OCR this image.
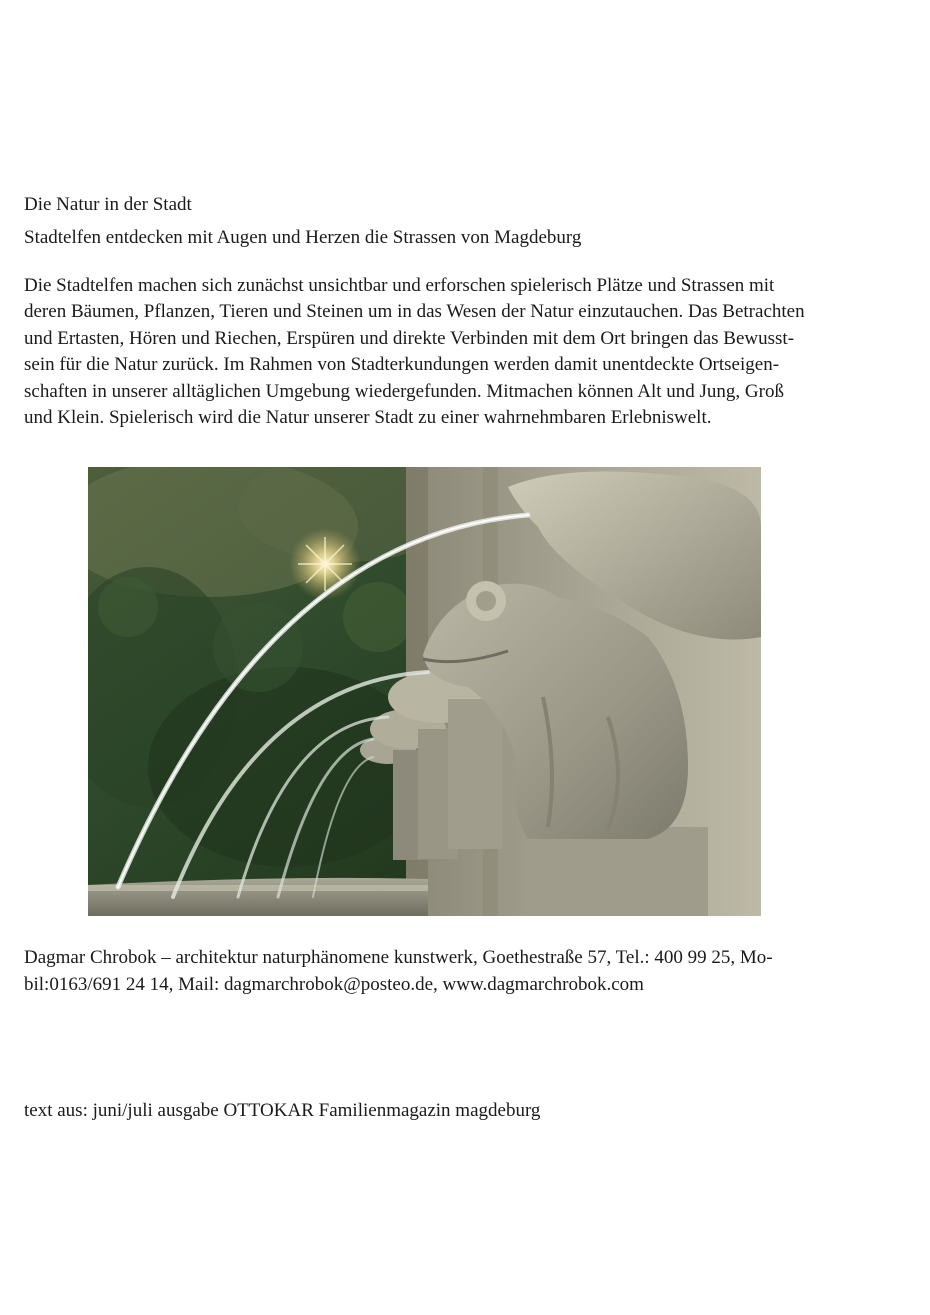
Die Natur in der Stadt
Stadtelfen entdecken mit Augen und Herzen die Strassen von Magdeburg

Die Stadtelfen machen sich zunächst unsichtbar und erforschen spielerisch Plätze und Strassen mit
deren Bäumen, Pflanzen, Tieren und Steinen um in das Wesen der Natur einzutauchen. Das Betrachten
und Ertasten, Hören und Riechen, Erspüren und direkte Verbinden mit dem Ort bringen das Bewusst-
sein für die Natur zurück. Im Rahmen von Stadterkundungen werden damit unentdeckte Ortseigen-
schaften in unserer alltäglichen Umgebung wiedergefunden. Mitmachen können Alt und Jung, Groß
und Klein. Spielerisch wird die Natur unserer Stadt zu einer wahrnehmbaren Erlebniswelt.

Dagmar Chrobok – architektur naturphänomene kunstwerk, Goethestraße 57, Tel.: 400 99 25, Mo-
bil:0163/691 24 14, Mail: dagmarchrobok@posteo.de, www.dagmarchrobok.com

text aus: juni/juli ausgabe OTTOKAR Familienmagazin magdeburg
